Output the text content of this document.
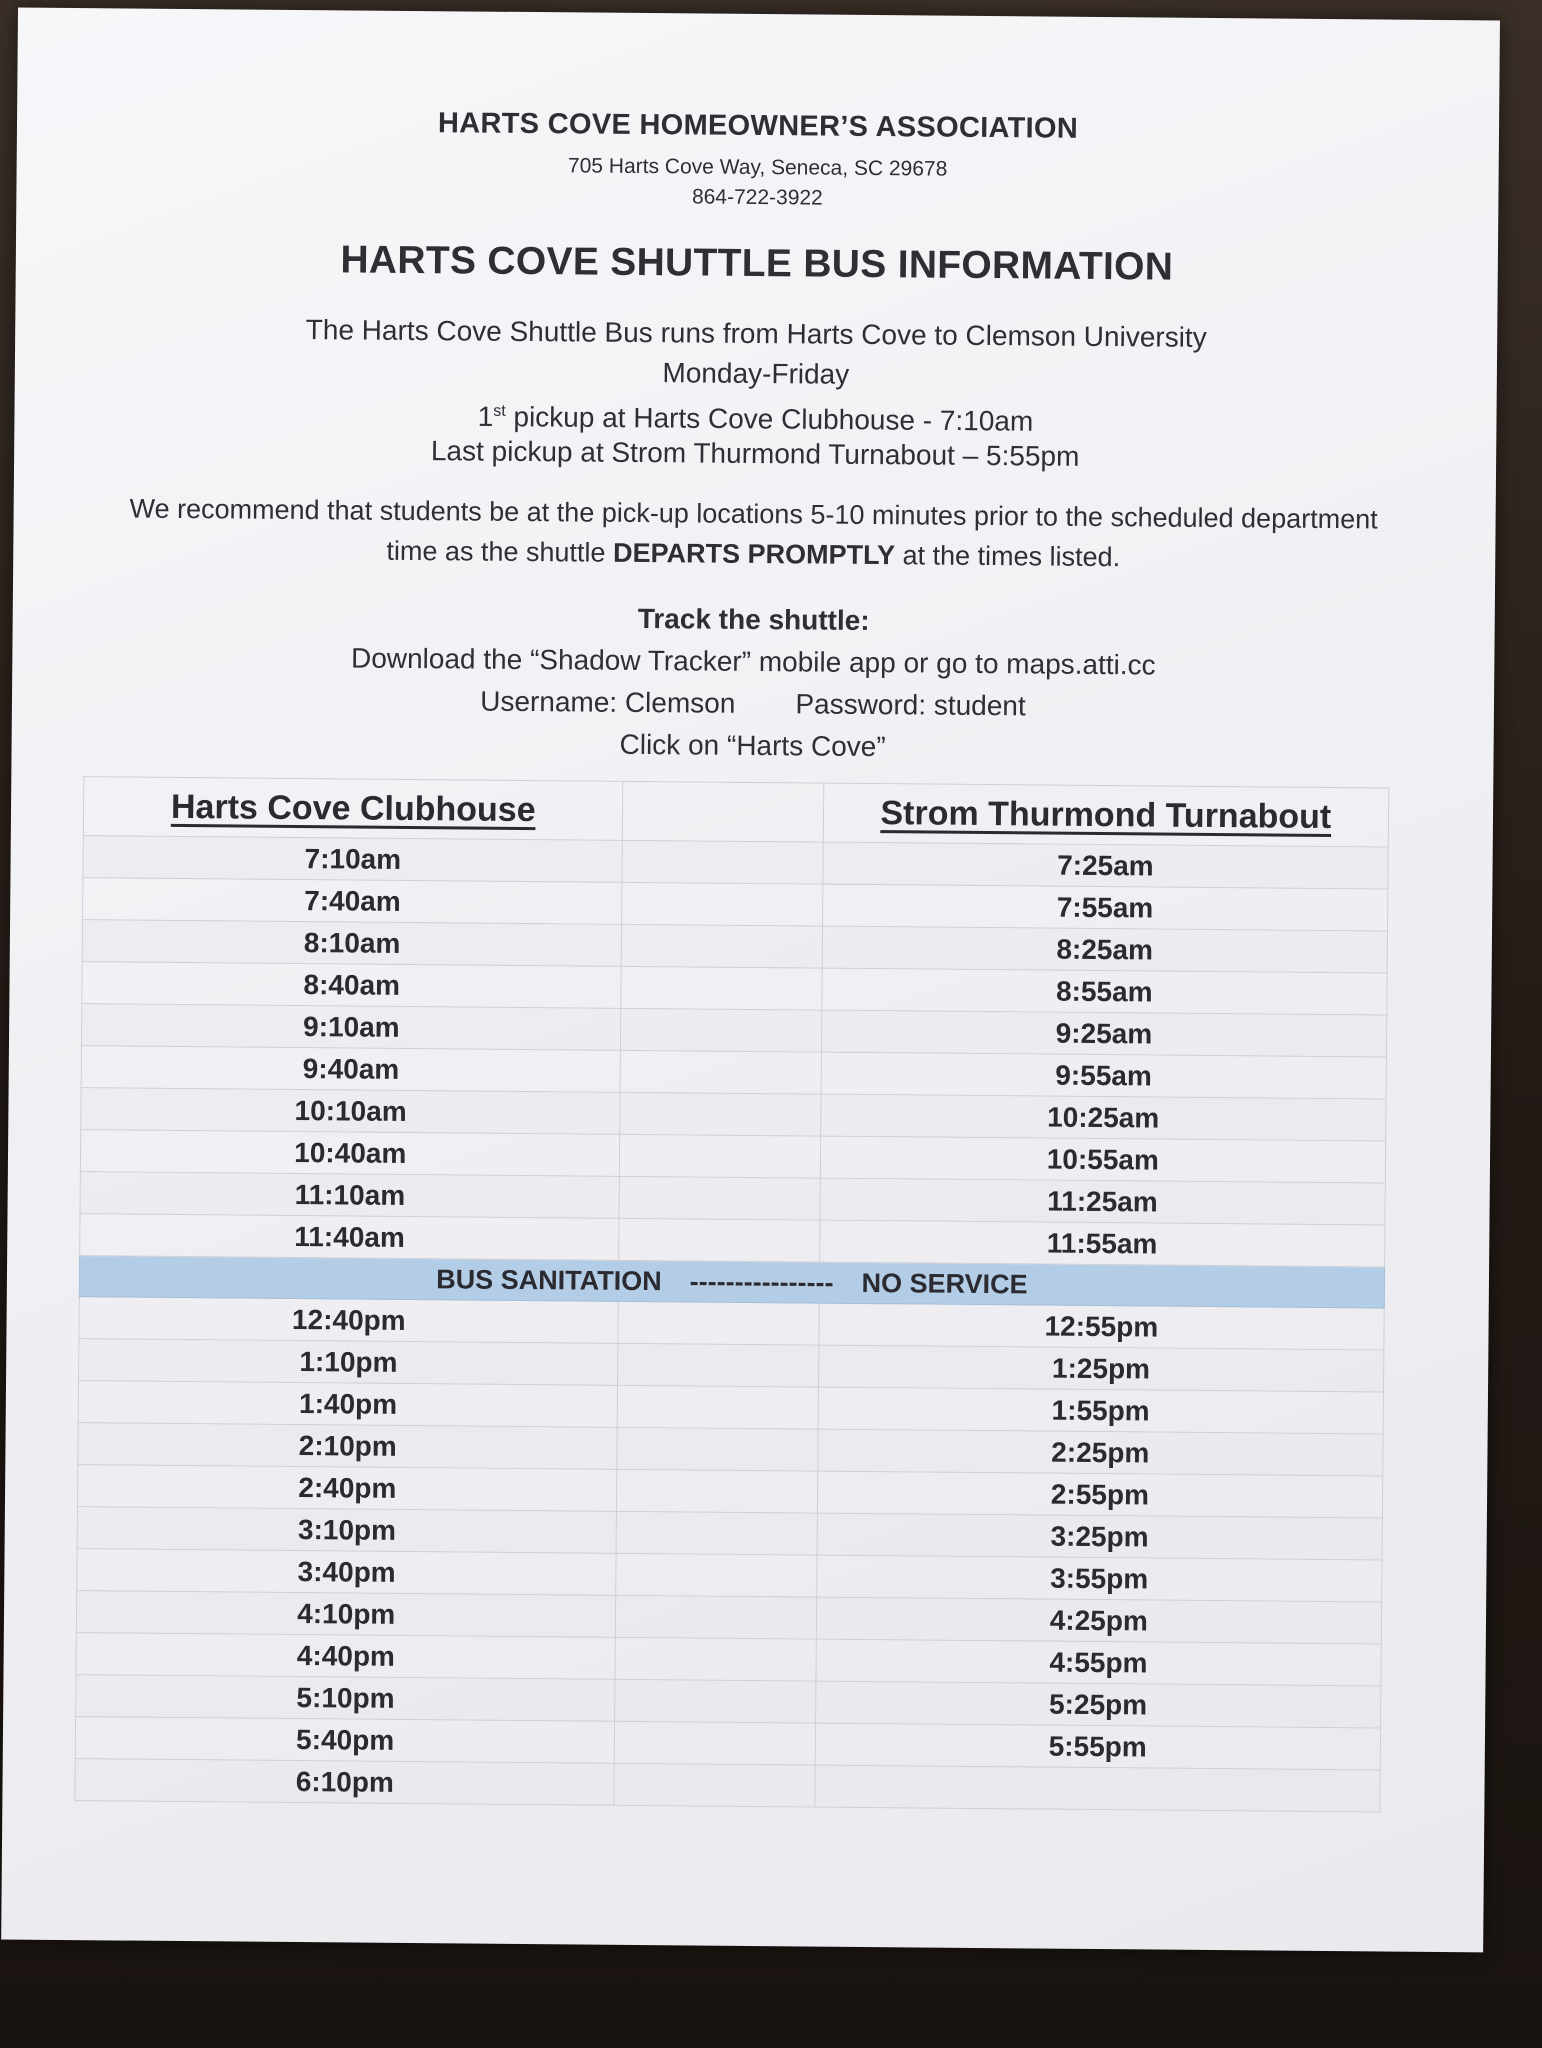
HARTS COVE HOMEOWNER’S ASSOCIATION
705 Harts Cove Way, Seneca, SC 29678
864-722-3922
HARTS COVE SHUTTLE BUS INFORMATION
The Harts Cove Shuttle Bus runs from Harts Cove to Clemson University
Monday-Friday
1st pickup at Harts Cove Clubhouse - 7:10am
Last pickup at Strom Thurmond Turnabout – 5:55pm
We recommend that students be at the pick-up locations 5-10 minutes prior to the scheduled department time as the shuttle DEPARTS PROMPTLY at the times listed.
Track the shuttle:
Download the “Shadow Tracker” mobile app or go to maps.atti.cc
Username: Clemson Password: student
Click on “Harts Cove”
Harts Cove Clubhouse		Strom Thurmond Turnabout
7:10am		7:25am
7:40am		7:55am
8:10am		8:25am
8:40am		8:55am
9:10am		9:25am
9:40am		9:55am
10:10am		10:25am
10:40am		10:55am
11:10am		11:25am
11:40am		11:55am

BUS SANITATION ---------------- NO SERVICE		

12:40pm		12:55pm
1:10pm		1:25pm
1:40pm		1:55pm
2:10pm		2:25pm
2:40pm		2:55pm
3:10pm		3:25pm
3:40pm		3:55pm
4:10pm		4:25pm
4:40pm		4:55pm
5:10pm		5:25pm
5:40pm		5:55pm
6:10pm		
